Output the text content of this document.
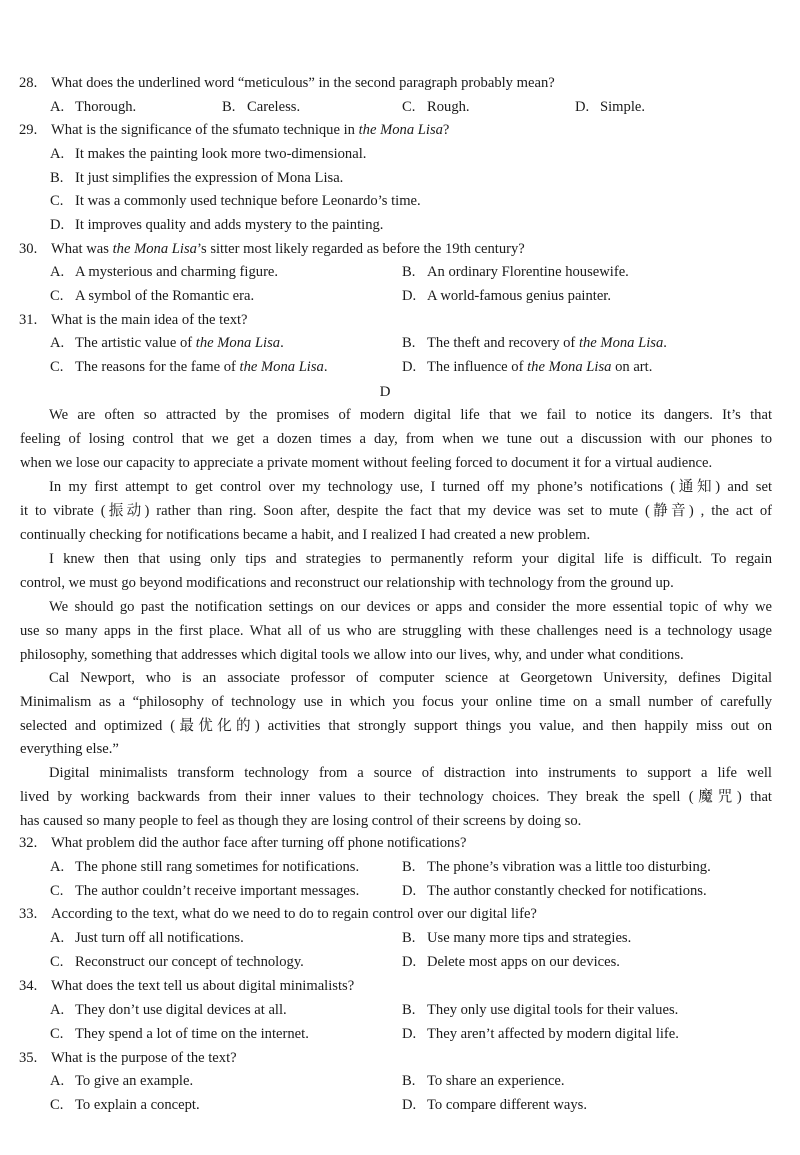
28. What does the underlined word “meticulous” in the second paragraph probably mean?
A. Thorough.	B. Careless.	C. Rough.	D. Simple.
29. What is the significance of the sfumato technique in the Mona Lisa?
A. It makes the painting look more two-dimensional.
B. It just simplifies the expression of Mona Lisa.
C. It was a commonly used technique before Leonardo’s time.
D. It improves quality and adds mystery to the painting.
30. What was the Mona Lisa’s sitter most likely regarded as before the 19th century?
A. A mysterious and charming figure.	B. An ordinary Florentine housewife.
C. A symbol of the Romantic era.	D. A world-famous genius painter.
31. What is the main idea of the text?
A. The artistic value of the Mona Lisa.	B. The theft and recovery of the Mona Lisa.
C. The reasons for the fame of the Mona Lisa.	D. The influence of the Mona Lisa on art.
D
We are often so attracted by the promises of modern digital life that we fail to notice its dangers. It’s that
feeling of losing control that we get a dozen times a day, from when we tune out a discussion with our phones to
when we lose our capacity to appreciate a private moment without feeling forced to document it for a virtual audience.
In my first attempt to get control over my technology use, I turned off my phone’s notifications (通知) and set
it to vibrate (振动) rather than ring. Soon after, despite the fact that my device was set to mute (静音) , the act of
continually checking for notifications became a habit, and I realized I had created a new problem.
I knew then that using only tips and strategies to permanently reform your digital life is difficult. To regain
control, we must go beyond modifications and reconstruct our relationship with technology from the ground up.
We should go past the notification settings on our devices or apps and consider the more essential topic of why we
use so many apps in the first place. What all of us who are struggling with these challenges need is a technology usage
philosophy, something that addresses which digital tools we allow into our lives, why, and under what conditions.
Cal Newport, who is an associate professor of computer science at Georgetown University, defines Digital
Minimalism as a “philosophy of technology use in which you focus your online time on a small number of carefully
selected and optimized (最优化的) activities that strongly support things you value, and then happily miss out on
everything else.”
Digital minimalists transform technology from a source of distraction into instruments to support a life well
lived by working backwards from their inner values to their technology choices. They break the spell (魔咒) that
has caused so many people to feel as though they are losing control of their screens by doing so.
32. What problem did the author face after turning off phone notifications?
A. The phone still rang sometimes for notifications.	B. The phone’s vibration was a little too disturbing.
C. The author couldn’t receive important messages.	D. The author constantly checked for notifications.
33. According to the text, what do we need to do to regain control over our digital life?
A. Just turn off all notifications.	B. Use many more tips and strategies.
C. Reconstruct our concept of technology.	D. Delete most apps on our devices.
34. What does the text tell us about digital minimalists?
A. They don’t use digital devices at all.	B. They only use digital tools for their values.
C. They spend a lot of time on the internet.	D. They aren’t affected by modern digital life.
35. What is the purpose of the text?
A. To give an example.	B. To share an experience.
C. To explain a concept.	D. To compare different ways.
